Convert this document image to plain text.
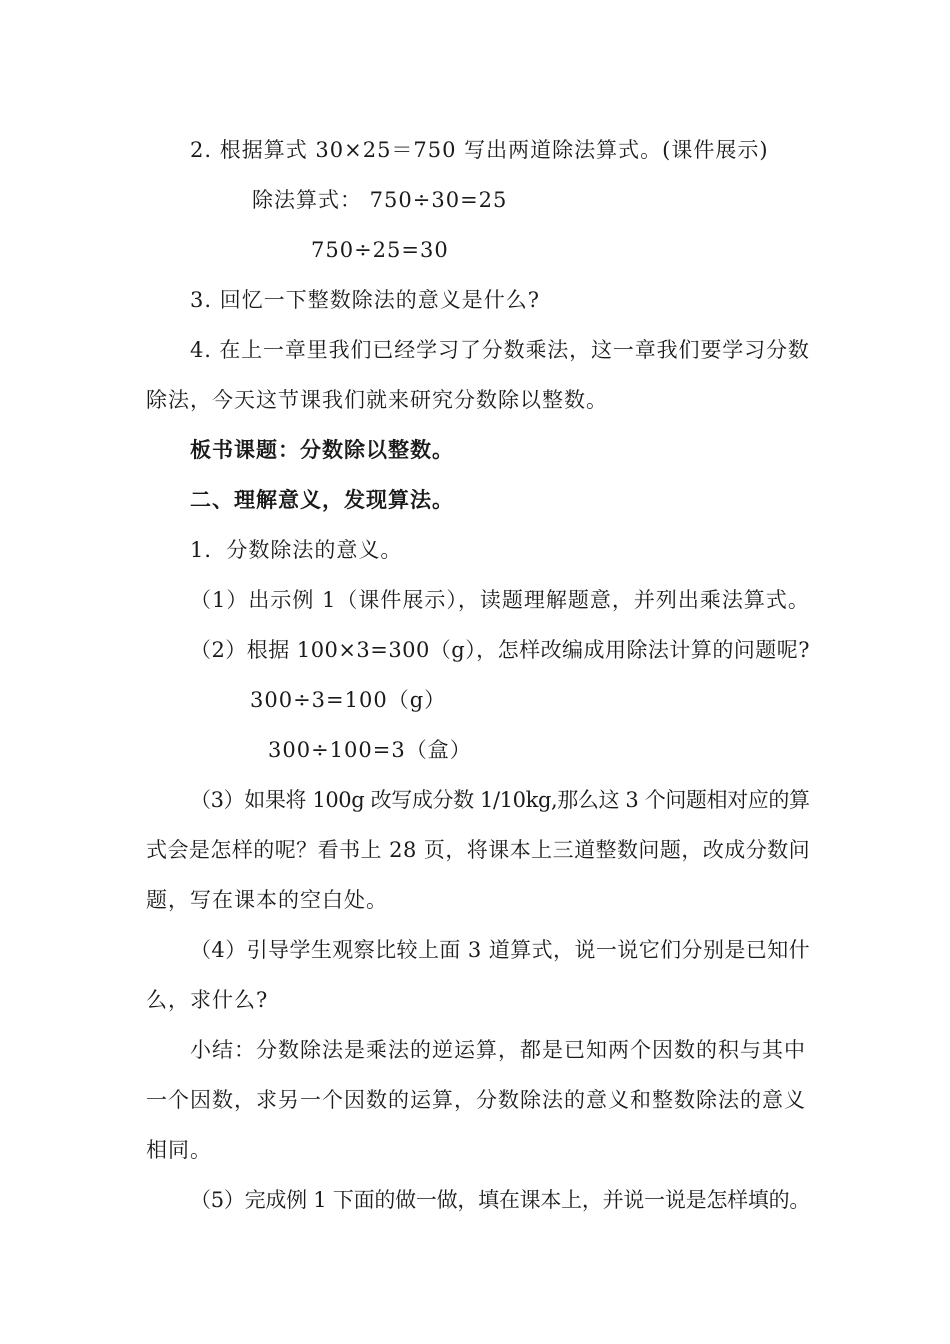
2. 根据算式 30×25＝750 写出两道除法算式。(课件展示)
除法算式： 750÷30=25
750÷25=30
3. 回忆一下整数除法的意义是什么?
4. 在上一章里我们已经学习了分数乘法，这一章我们要学习分数
除法，今天这节课我们就来研究分数除以整数。
板书课题：分数除以整数。
二、理解意义，发现算法。
1．分数除法的意义。
（1）出示例 1（课件展示），读题理解题意，并列出乘法算式。
（2）根据 100×3=300（g），怎样改编成用除法计算的问题呢?
300÷3=100（g）
300÷100=3（盒）
（3）如果将 100g 改写成分数 1/10kg,那么这 3 个问题相对应的算
式会是怎样的呢？看书上 28 页，将课本上三道整数问题，改成分数问
题，写在课本的空白处。
（4）引导学生观察比较上面 3 道算式，说一说它们分别是已知什
么，求什么?
小结：分数除法是乘法的逆运算，都是已知两个因数的积与其中
一个因数，求另一个因数的运算，分数除法的意义和整数除法的意义
相同。
（5）完成例 1 下面的做一做，填在课本上，并说一说是怎样填的。
